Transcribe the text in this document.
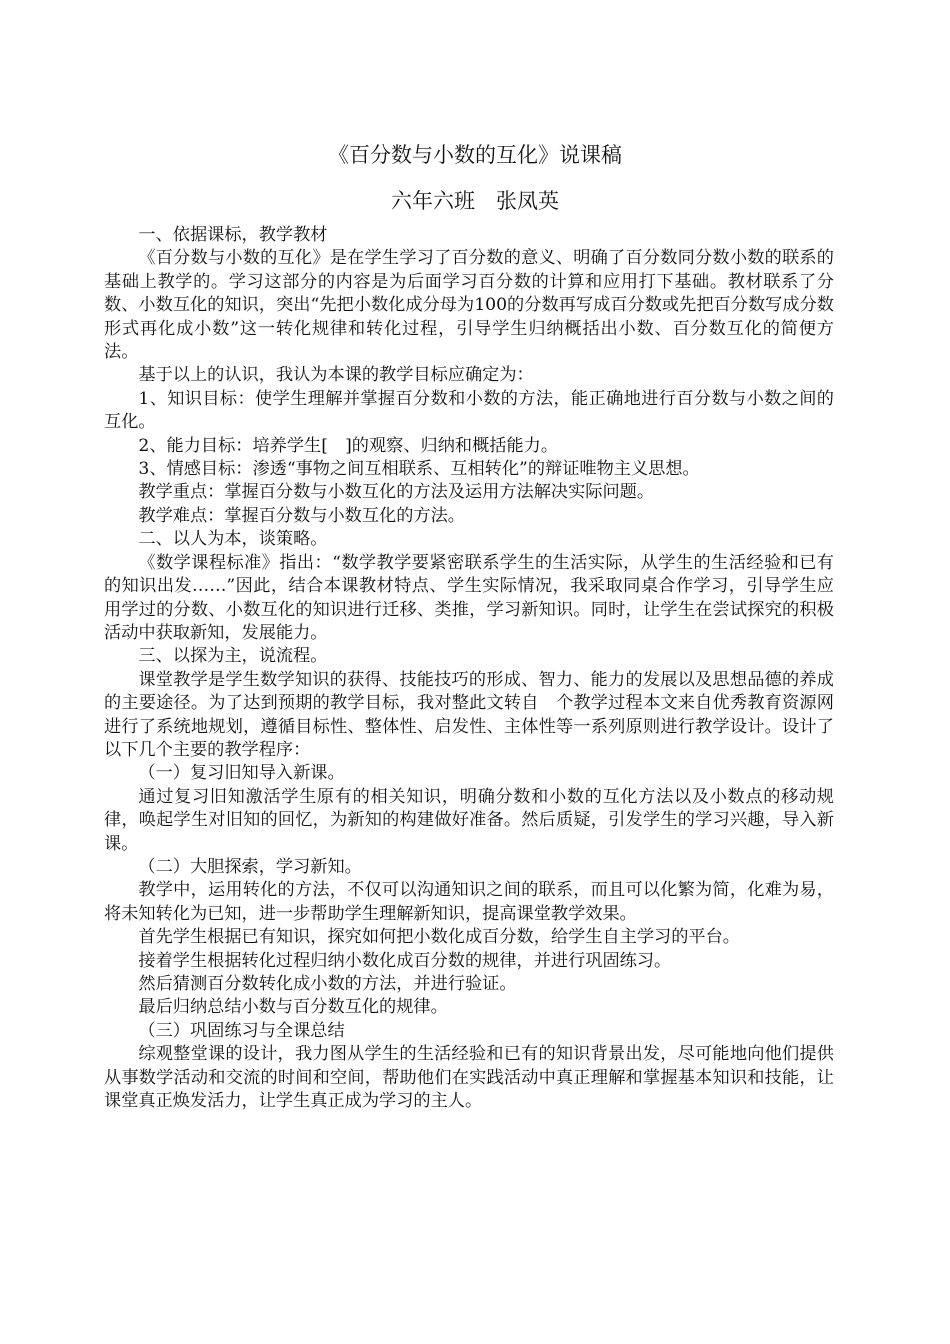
《百分数与小数的互化》说课稿
六年六班　张凤英

一、依据课标，教学教材

《百分数与小数的互化》是在学生学习了百分数的意义、明确了百分数同分数小数的联系的基础上教学的。学习这部分的内容是为后面学习百分数的计算和应用打下基础。教材联系了分数、小数互化的知识，突出“先把小数化成分母为100的分数再写成百分数或先把百分数写成分数形式再化成小数”这一转化规律和转化过程，引导学生归纳概括出小数、百分数互化的简便方法。

基于以上的认识，我认为本课的教学目标应确定为：

1、知识目标：使学生理解并掌握百分数和小数的方法，能正确地进行百分数与小数之间的互化。

2、能力目标：培养学生[　]的观察、归纳和概括能力。

3、情感目标：渗透“事物之间互相联系、互相转化”的辩证唯物主义思想。

教学重点：掌握百分数与小数互化的方法及运用方法解决实际问题。

教学难点：掌握百分数与小数互化的方法。

二、以人为本，谈策略。

《数学课程标准》指出：“数学教学要紧密联系学生的生活实际，从学生的生活经验和已有的知识出发……”因此，结合本课教材特点、学生实际情况，我采取同桌合作学习，引导学生应用学过的分数、小数互化的知识进行迁移、类推，学习新知识。同时，让学生在尝试探究的积极活动中获取新知，发展能力。

三、以探为主，说流程。

课堂教学是学生数学知识的获得、技能技巧的形成、智力、能力的发展以及思想品德的养成的主要途径。为了达到预期的教学目标，我对整此文转自　个教学过程本文来自优秀教育资源网进行了系统地规划，遵循目标性、整体性、启发性、主体性等一系列原则进行教学设计。设计了以下几个主要的教学程序：

（一）复习旧知导入新课。

通过复习旧知激活学生原有的相关知识，明确分数和小数的互化方法以及小数点的移动规律，唤起学生对旧知的回忆，为新知的构建做好准备。然后质疑，引发学生的学习兴趣，导入新课。

（二）大胆探索，学习新知。

教学中，运用转化的方法，不仅可以沟通知识之间的联系，而且可以化繁为简，化难为易，将未知转化为已知，进一步帮助学生理解新知识，提高课堂教学效果。

首先学生根据已有知识，探究如何把小数化成百分数，给学生自主学习的平台。

接着学生根据转化过程归纳小数化成百分数的规律，并进行巩固练习。

然后猜测百分数转化成小数的方法，并进行验证。

最后归纳总结小数与百分数互化的规律。

（三）巩固练习与全课总结

综观整堂课的设计，我力图从学生的生活经验和已有的知识背景出发，尽可能地向他们提供从事数学活动和交流的时间和空间，帮助他们在实践活动中真正理解和掌握基本知识和技能，让课堂真正焕发活力，让学生真正成为学习的主人。
